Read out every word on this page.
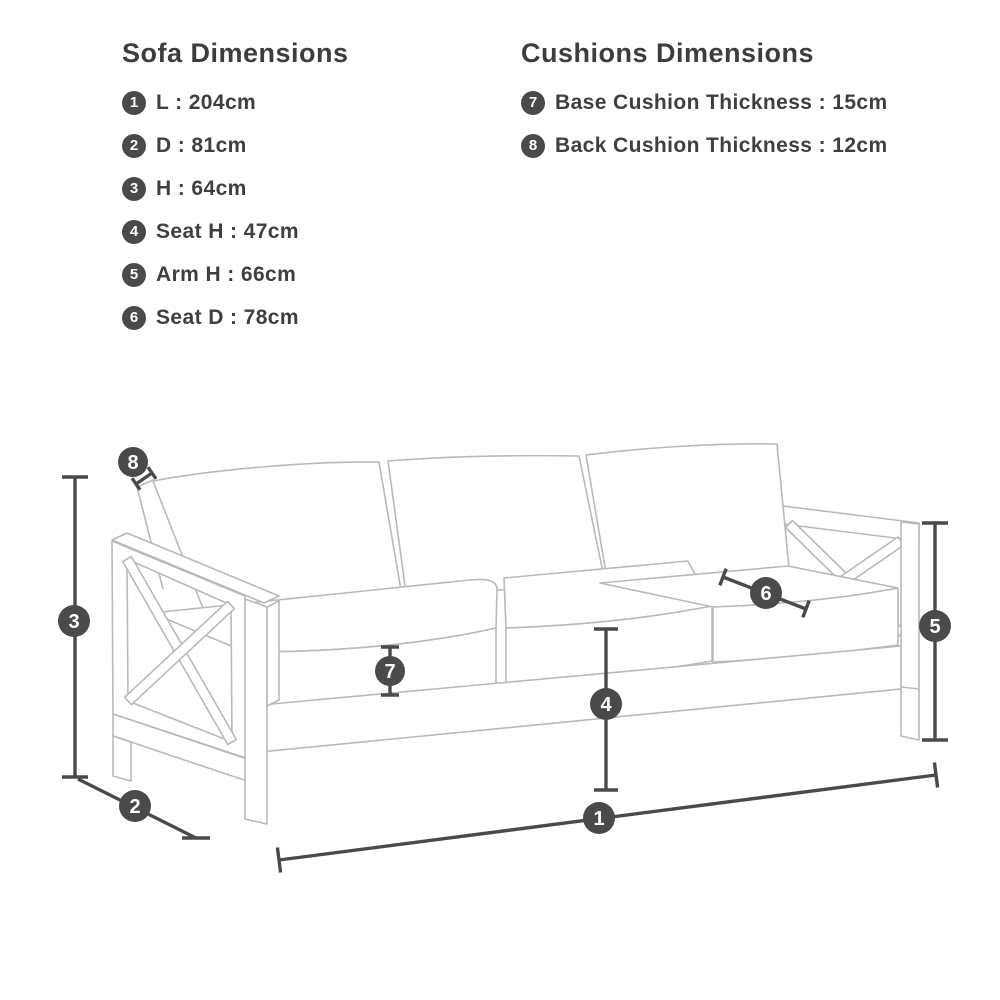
Sofa Dimensions
1 L : 204cm
2 D : 81cm
3 H : 64cm
4 Seat H : 47cm
5 Arm H : 66cm
6 Seat D : 78cm
Cushions Dimensions
7 Base Cushion Thickness : 15cm
8 Back Cushion Thickness : 12cm
1
2
3
4
5
6
7
8
